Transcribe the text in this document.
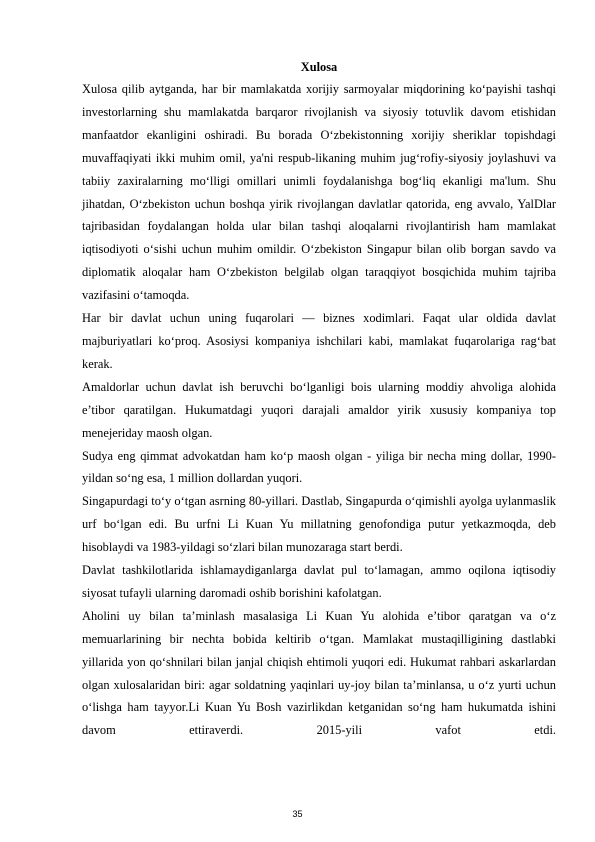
Xulosa

Xulosa qilib aytganda, har bir mamlakatda xorijiy sarmoyalar miqdorining ko‘payishi tashqi investorlarning shu mamlakatda barqaror rivojlanish va siyosiy totuvlik davom etishidan manfaatdor ekanligini oshiradi. Bu borada O‘zbekistonning xorijiy sheriklar topishdagi muvaffaqiyati ikki muhim omil, ya'ni respub-likaning muhim jug‘rofiy-siyosiy joylashuvi va tabiiy zaxiralarning mo‘lligi omillari unimli foydalanishga bog‘liq ekanligi ma'lum. Shu jihatdan, O‘zbekiston uchun boshqa yirik rivojlangan davlatlar qatorida, eng avvalo, YalDlar tajribasidan foydalangan holda ular bilan tashqi aloqalarni rivojlantirish ham mamlakat iqtisodiyoti o‘sishi uchun muhim omildir. O‘zbekiston Singapur bilan olib borgan savdo va diplomatik aloqalar ham O‘zbekiston belgilab olgan taraqqiyot bosqichida muhim tajriba vazifasini o‘tamoqda.

Har bir davlat uchun uning fuqarolari — biznes xodimlari. Faqat ular oldida davlat majburiyatlari ko‘proq. Asosiysi kompaniya ishchilari kabi, mamlakat fuqarolariga rag‘bat kerak.

Amaldorlar uchun davlat ish beruvchi bo‘lganligi bois ularning moddiy ahvoliga alohida e’tibor qaratilgan. Hukumatdagi yuqori darajali amaldor yirik xususiy kompaniya top menejeriday maosh olgan.

Sudya eng qimmat advokatdan ham ko‘p maosh olgan - yiliga bir necha ming dollar, 1990-yildan so‘ng esa, 1 million dollardan yuqori.

Singapurdagi to‘y o‘tgan asrning 80-yillari. Dastlab, Singapurda o‘qimishli ayolga uylanmaslik urf bo‘lgan edi. Bu urfni Li Kuan Yu millatning genofondiga putur yetkazmoqda, deb hisoblaydi va 1983-yildagi so‘zlari bilan munozaraga start berdi.

Davlat tashkilotlarida ishlamaydiganlarga davlat pul to‘lamagan, ammo oqilona iqtisodiy siyosat tufayli ularning daromadi oshib borishini kafolatgan.

Aholini uy bilan ta’minlash masalasiga Li Kuan Yu alohida e’tibor qaratgan va o‘z memuarlarining bir nechta bobida keltirib o‘tgan. Mamlakat mustaqilligining dastlabki yillarida yon qo‘shnilari bilan janjal chiqish ehtimoli yuqori edi. Hukumat rahbari askarlardan olgan xulosalaridan biri: agar soldatning yaqinlari uy-joy bilan ta’minlansa, u o‘z yurti uchun o‘lishga ham tayyor.Li Kuan Yu Bosh vazirlikdan ketganidan so‘ng ham hukumatda ishini davom ettiraverdi. 2015-yili vafot etdi.

35
